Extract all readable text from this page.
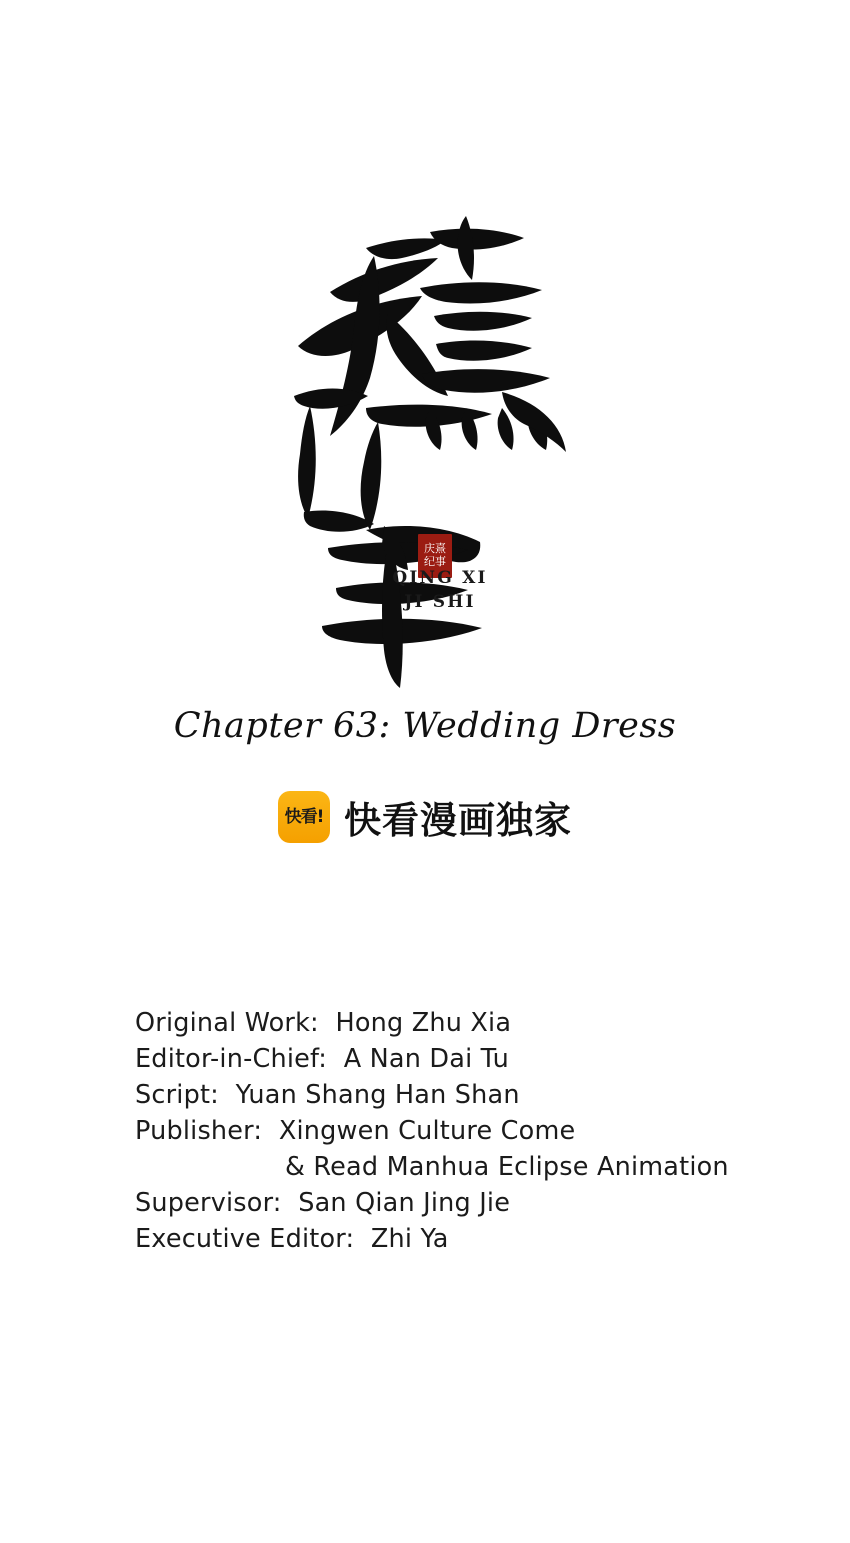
庆熹
纪事
QING XI
JI SHI
Chapter 63: Wedding Dress
快看! 快看漫画独家
Original Work:  Hong Zhu Xia
Editor-in-Chief:  A Nan Dai Tu
Script:  Yuan Shang Han Shan
Publisher:  Xingwen Culture Come
& Read Manhua Eclipse Animation
Supervisor:  San Qian Jing Jie
Executive Editor:  Zhi Ya
